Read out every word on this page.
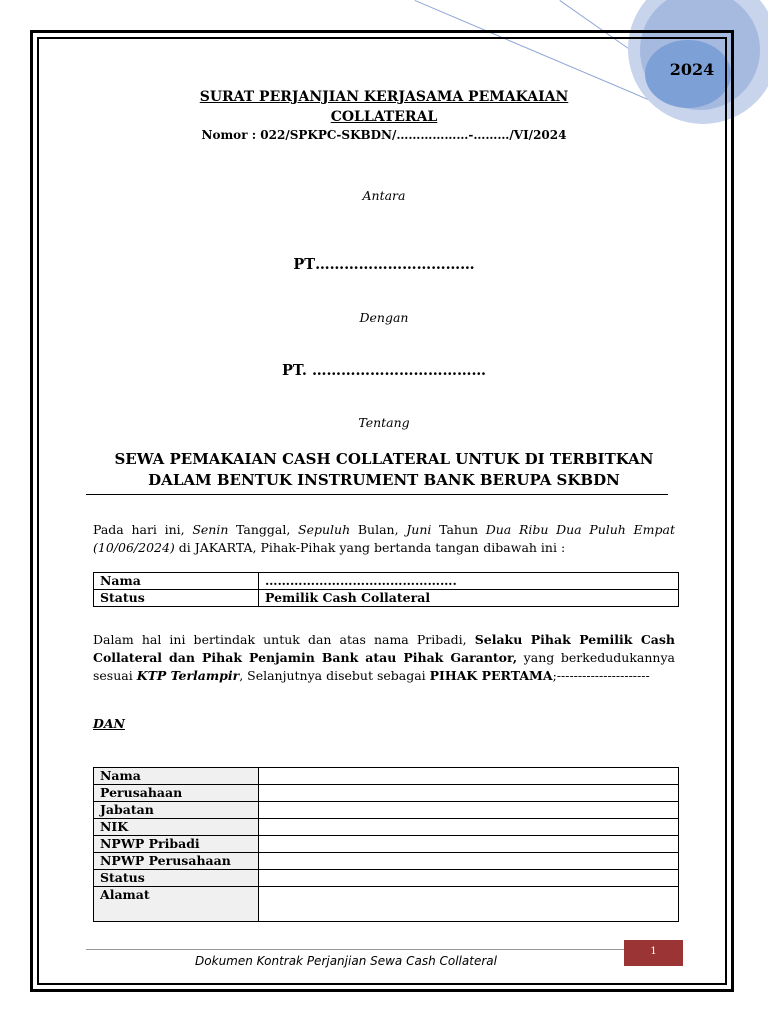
2024
SURAT PERJANJIAN KERJASAMA PEMAKAIAN
COLLATERAL
Nomor : 022/SPKPC-SKBDN/………………-………/VI/2024
Antara
PT……………………………
Dengan
PT. ………………………………
Tentang
SEWA PEMAKAIAN CASH COLLATERAL UNTUK DI TERBITKAN
DALAM BENTUK INSTRUMENT BANK BERUPA SKBDN
Pada hari ini, Senin Tanggal, Sepuluh Bulan, Juni Tahun Dua Ribu Dua Puluh Empat (10/06/2024) di JAKARTA, Pihak-Pihak yang bertanda tangan dibawah ini :
Nama	……………………………………….
Status	Pemilik Cash Collateral
Dalam hal ini bertindak untuk dan atas nama Pribadi, Selaku Pihak Pemilik Cash Collateral dan Pihak Penjamin Bank atau Pihak Garantor, yang berkedudukannya sesuai KTP Terlampir, Selanjutnya disebut sebagai PIHAK PERTAMA;----------------------
DAN
Nama	
Perusahaan	
Jabatan	
NIK	
NPWP Pribadi	
NPWP Perusahaan	
Status	
Alamat	
Dokumen Kontrak Perjanjian Sewa Cash Collateral
1
